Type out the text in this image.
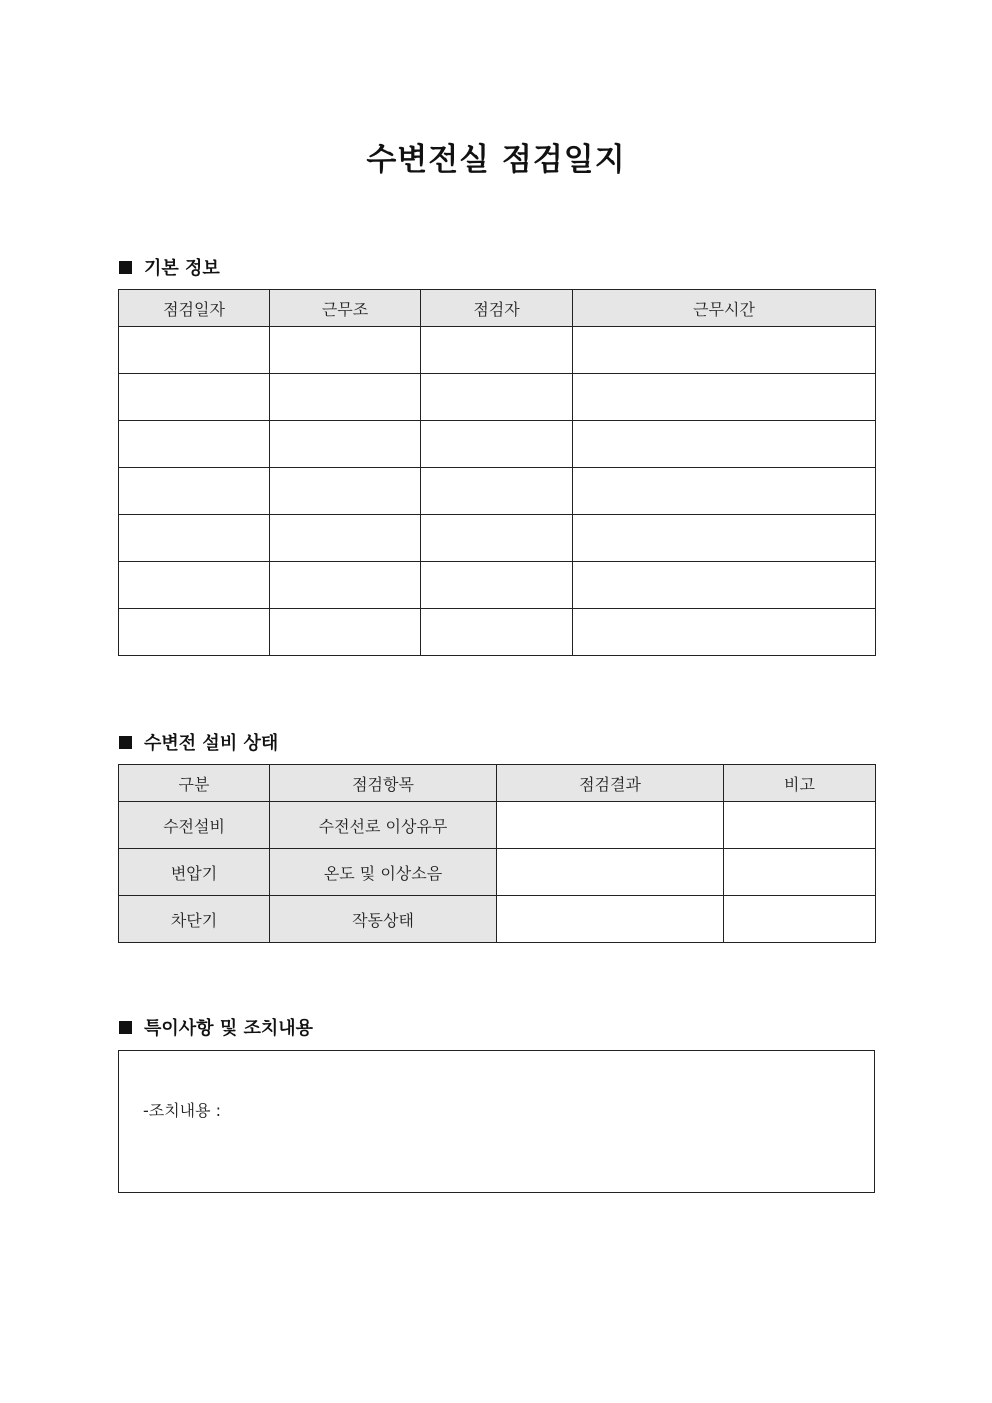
수변전실 점검일지
기본 정보
점검일자	근무조	점검자	근무시간

수변전 설비 상태
구분	점검항목	점검결과	비고
수전설비	수전선로 이상유무		
변압기	온도 및 이상소음		
차단기	작동상태		
특이사항 및 조치내용
-조치내용 :
